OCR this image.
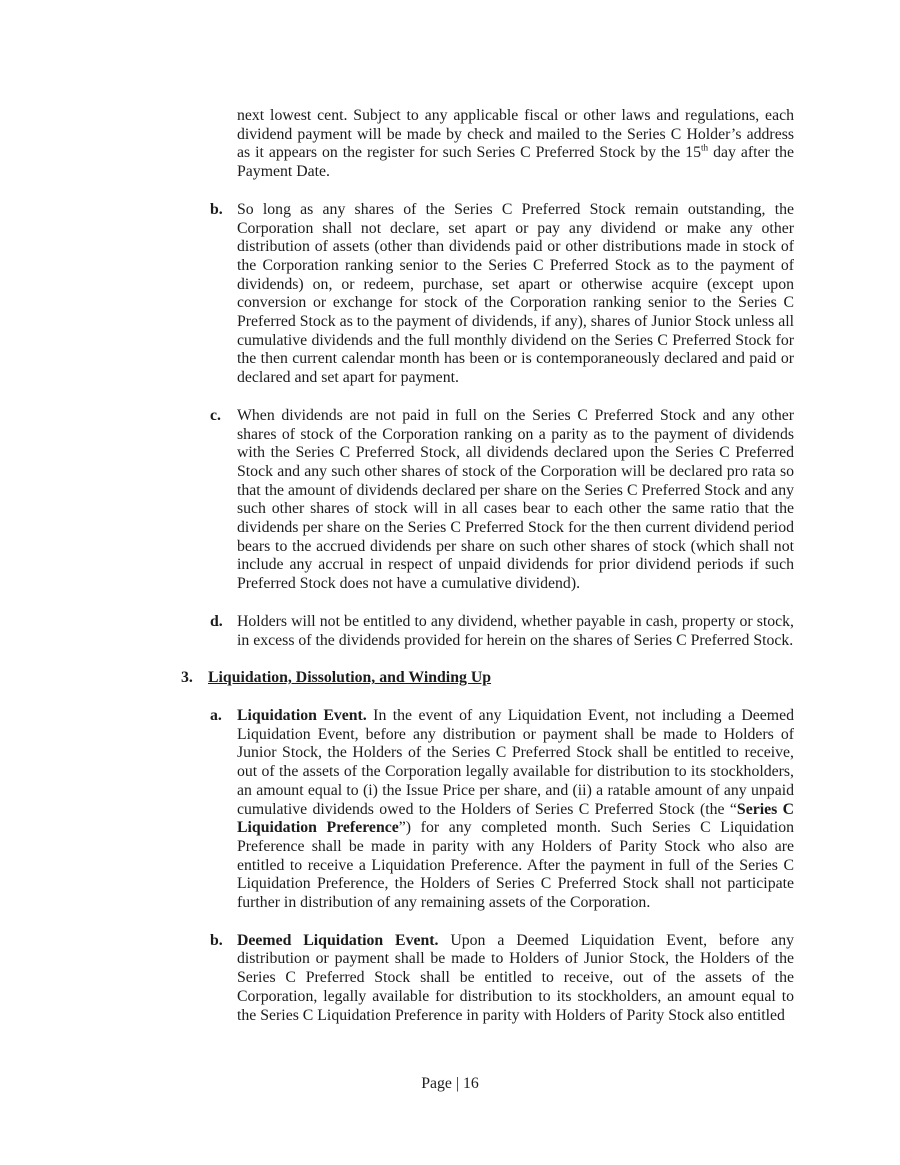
next lowest cent. Subject to any applicable fiscal or other laws and regulations, each dividend payment will be made by check and mailed to the Series C Holder’s address as it appears on the register for such Series C Preferred Stock by the 15th day after the Payment Date.
b. So long as any shares of the Series C Preferred Stock remain outstanding, the Corporation shall not declare, set apart or pay any dividend or make any other distribution of assets (other than dividends paid or other distributions made in stock of the Corporation ranking senior to the Series C Preferred Stock as to the payment of dividends) on, or redeem, purchase, set apart or otherwise acquire (except upon conversion or exchange for stock of the Corporation ranking senior to the Series C Preferred Stock as to the payment of dividends, if any), shares of Junior Stock unless all cumulative dividends and the full monthly dividend on the Series C Preferred Stock for the then current calendar month has been or is contemporaneously declared and paid or declared and set apart for payment.
c. When dividends are not paid in full on the Series C Preferred Stock and any other shares of stock of the Corporation ranking on a parity as to the payment of dividends with the Series C Preferred Stock, all dividends declared upon the Series C Preferred Stock and any such other shares of stock of the Corporation will be declared pro rata so that the amount of dividends declared per share on the Series C Preferred Stock and any such other shares of stock will in all cases bear to each other the same ratio that the dividends per share on the Series C Preferred Stock for the then current dividend period bears to the accrued dividends per share on such other shares of stock (which shall not include any accrual in respect of unpaid dividends for prior dividend periods if such Preferred Stock does not have a cumulative dividend).
d. Holders will not be entitled to any dividend, whether payable in cash, property or stock, in excess of the dividends provided for herein on the shares of Series C Preferred Stock.
3. Liquidation, Dissolution, and Winding Up
a. Liquidation Event. In the event of any Liquidation Event, not including a Deemed Liquidation Event, before any distribution or payment shall be made to Holders of Junior Stock, the Holders of the Series C Preferred Stock shall be entitled to receive, out of the assets of the Corporation legally available for distribution to its stockholders, an amount equal to (i) the Issue Price per share, and (ii) a ratable amount of any unpaid cumulative dividends owed to the Holders of Series C Preferred Stock (the “Series C Liquidation Preference”) for any completed month. Such Series C Liquidation Preference shall be made in parity with any Holders of Parity Stock who also are entitled to receive a Liquidation Preference. After the payment in full of the Series C Liquidation Preference, the Holders of Series C Preferred Stock shall not participate further in distribution of any remaining assets of the Corporation.
b. Deemed Liquidation Event. Upon a Deemed Liquidation Event, before any distribution or payment shall be made to Holders of Junior Stock, the Holders of the Series C Preferred Stock shall be entitled to receive, out of the assets of the Corporation, legally available for distribution to its stockholders, an amount equal to the Series C Liquidation Preference in parity with Holders of Parity Stock also entitled
Page | 16
